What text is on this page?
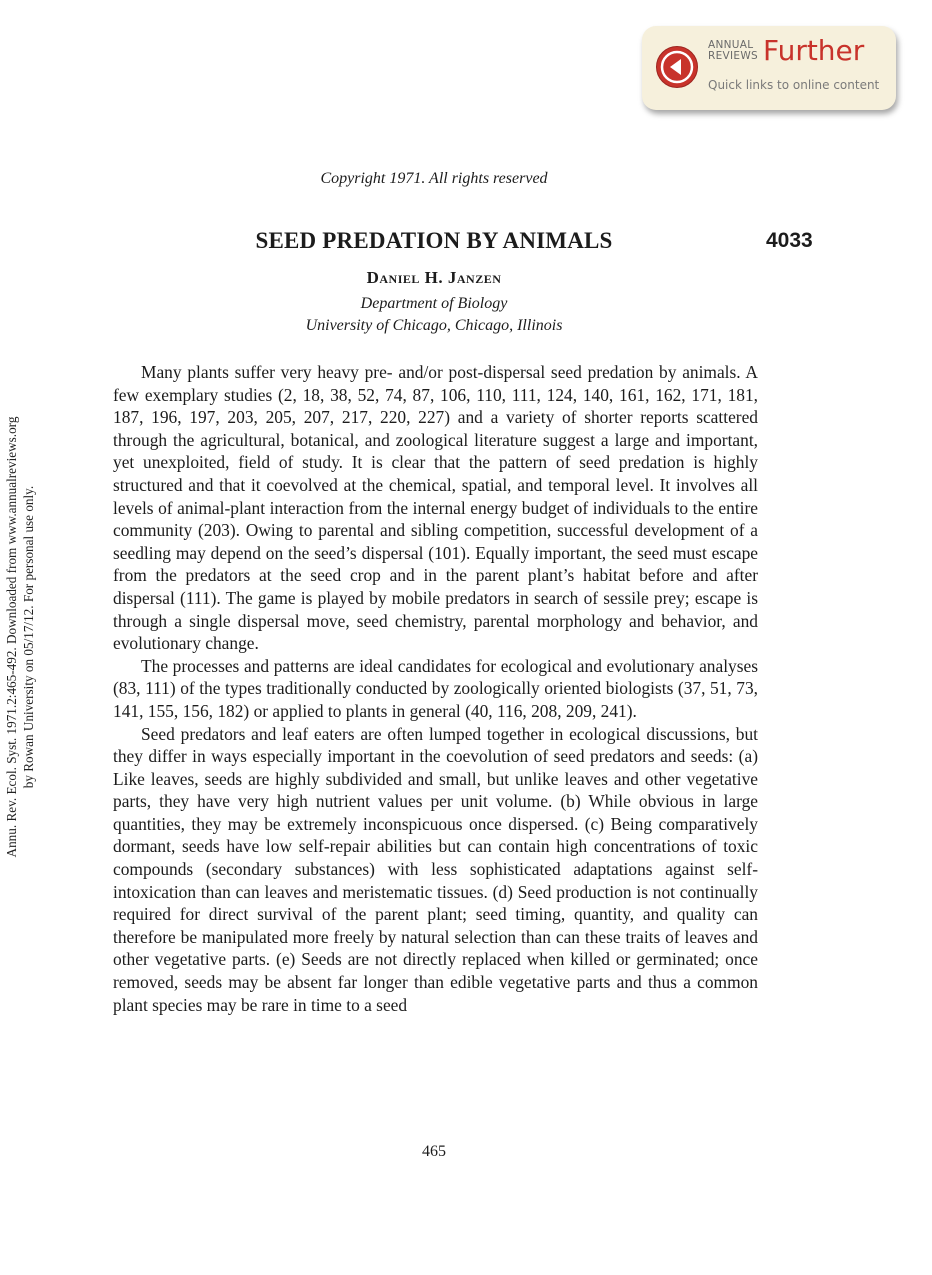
ANNUAL
REVIEWS Further
Quick links to online content
Annu. Rev. Ecol. Syst. 1971.2:465-492. Downloaded from www.annualreviews.org by Rowan University on 05/17/12. For personal use only.
Copyright 1971. All rights reserved
SEED PREDATION BY ANIMALS	4033
Daniel H. Janzen
Department of Biology
University of Chicago, Chicago, Illinois

Many plants suffer very heavy pre- and/or post-dispersal seed predation by animals. A few exemplary studies (2, 18, 38, 52, 74, 87, 106, 110, 111, 124, 140, 161, 162, 171, 181, 187, 196, 197, 203, 205, 207, 217, 220, 227) and a variety of shorter reports scattered through the agricultural, botanical, and zoological literature suggest a large and important, yet unexploited, field of study. It is clear that the pattern of seed predation is highly structured and that it coevolved at the chemical, spatial, and temporal level. It involves all levels of animal-plant interaction from the internal energy budget of individuals to the entire community (203). Owing to parental and sibling competition, successful development of a seedling may depend on the seed’s dispersal (101). Equally important, the seed must escape from the predators at the seed crop and in the parent plant’s habitat before and after dispersal (111). The game is played by mobile predators in search of sessile prey; escape is through a single dispersal move, seed chemistry, parental morphology and behavior, and evolutionary change.

The processes and patterns are ideal candidates for ecological and evolutionary analyses (83, 111) of the types traditionally conducted by zoologically oriented biologists (37, 51, 73, 141, 155, 156, 182) or applied to plants in general (40, 116, 208, 209, 241).

Seed predators and leaf eaters are often lumped together in ecological discussions, but they differ in ways especially important in the coevolution of seed predators and seeds: (a) Like leaves, seeds are highly subdivided and small, but unlike leaves and other vegetative parts, they have very high nutrient values per unit volume. (b) While obvious in large quantities, they may be extremely inconspicuous once dispersed. (c) Being comparatively dormant, seeds have low self-repair abilities but can contain high concentrations of toxic compounds (secondary substances) with less sophisticated adaptations against self-intoxication than can leaves and meristematic tissues. (d) Seed production is not continually required for direct survival of the parent plant; seed timing, quantity, and quality can therefore be manipulated more freely by natural selection than can these traits of leaves and other vegetative parts. (e) Seeds are not directly replaced when killed or germinated; once removed, seeds may be absent far longer than edible vegetative parts and thus a common plant species may be rare in time to a seed

465
